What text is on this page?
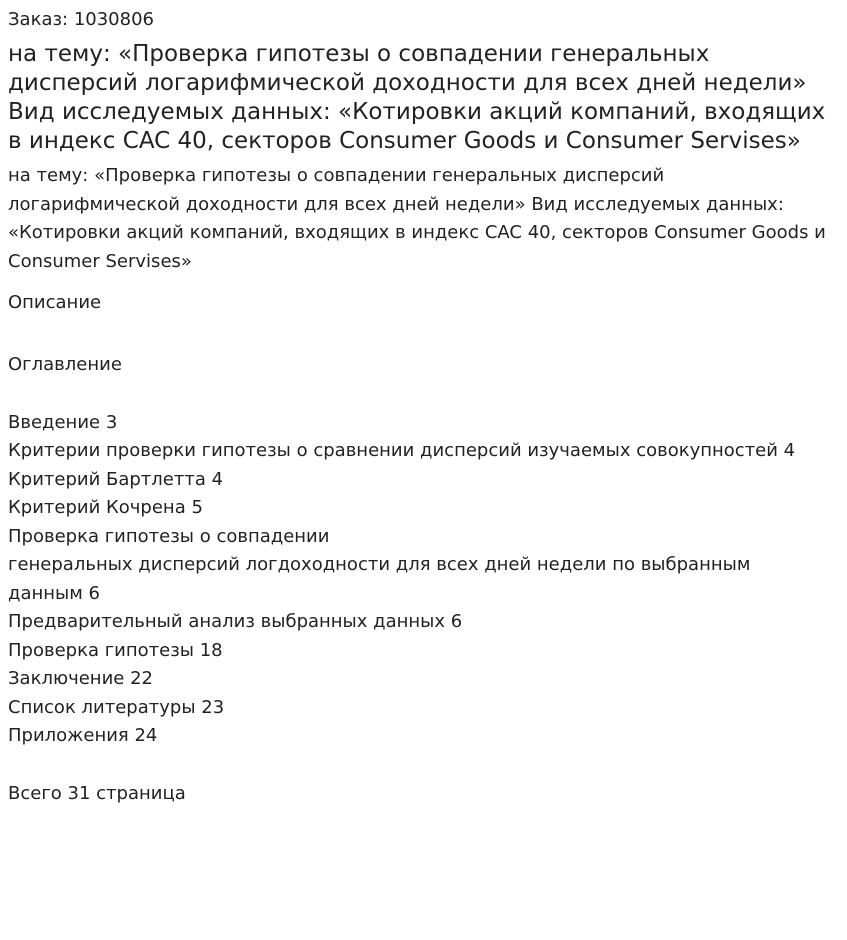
Заказ: 1030806
на тему: «Проверка гипотезы о совпадении генеральных дисперсий логарифмической доходности для всех дней недели» Вид исследуемых данных: «Котировки акций компаний, входящих в индекс CAC 40, секторов Consumer Goods и Consumer Servises»
на тему: «Проверка гипотезы о совпадении генеральных дисперсий логарифмической доходности для всех дней недели» Вид исследуемых данных: «Котировки акций компаний, входящих в индекс CAC 40, секторов Consumer Goods и Consumer Servises»
Описание
Оглавление
Введение 3
Критерии проверки гипотезы о сравнении дисперсий изучаемых совокупностей 4
Критерий Бартлетта 4
Критерий Кочрена 5
Проверка гипотезы о совпадении
генеральных дисперсий логдоходности для всех дней недели по выбранным
данным 6
Предварительный анализ выбранных данных 6
Проверка гипотезы 18
Заключение 22
Список литературы 23
Приложения 24
Всего 31 страница
